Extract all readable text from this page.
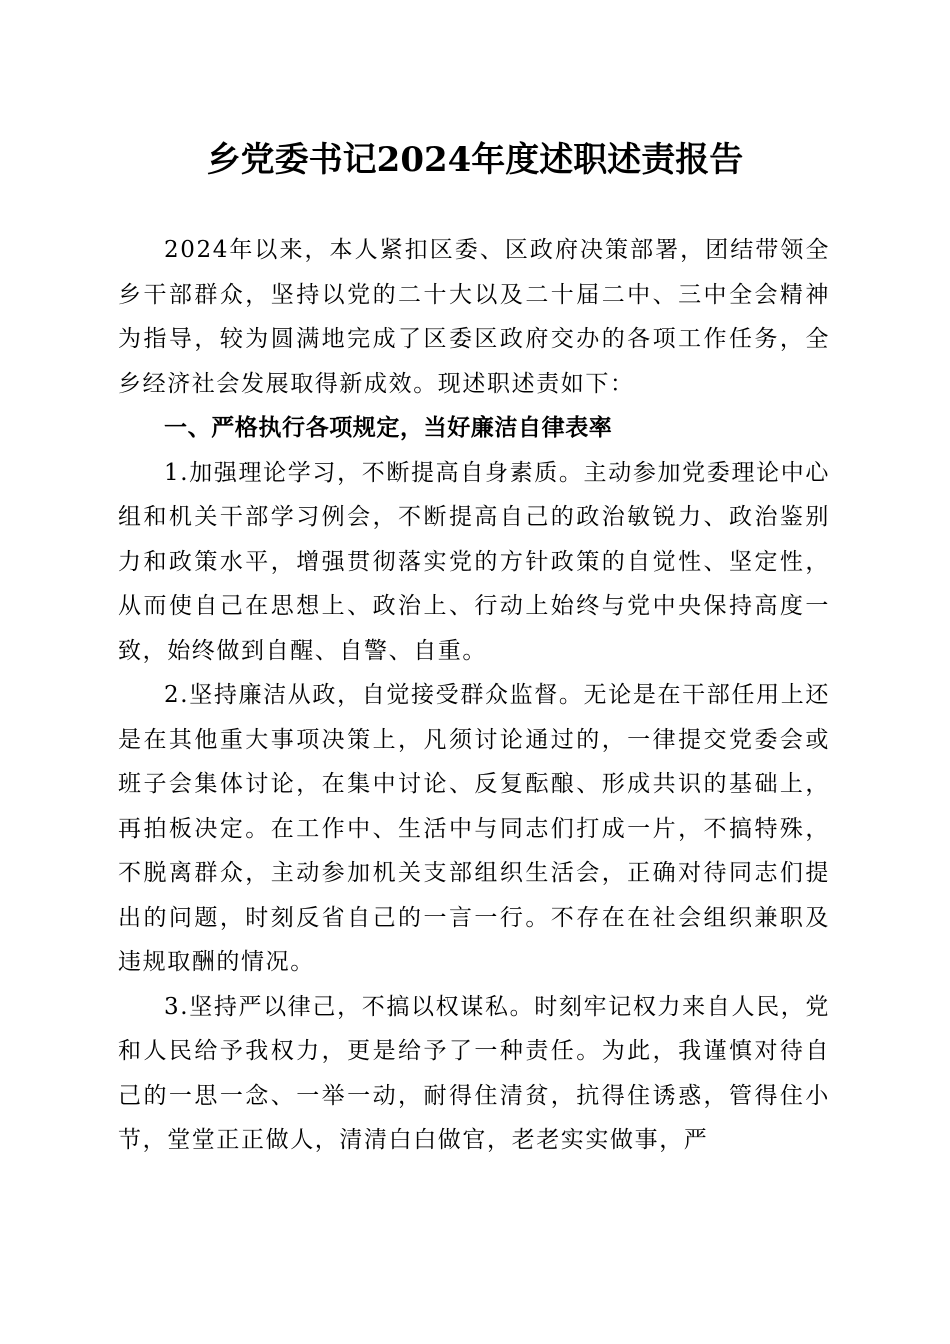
乡党委书记2024年度述职述责报告

2024年以来，本人紧扣区委、区政府决策部署，团结带领全乡干部群众，坚持以党的二十大以及二十届二中、三中全会精神为指导，较为圆满地完成了区委区政府交办的各项工作任务，全乡经济社会发展取得新成效。现述职述责如下：

一、严格执行各项规定，当好廉洁自律表率

1.加强理论学习，不断提高自身素质。主动参加党委理论中心组和机关干部学习例会，不断提高自己的政治敏锐力、政治鉴别力和政策水平，增强贯彻落实党的方针政策的自觉性、坚定性，从而使自己在思想上、政治上、行动上始终与党中央保持高度一致，始终做到自醒、自警、自重。

2.坚持廉洁从政，自觉接受群众监督。无论是在干部任用上还是在其他重大事项决策上，凡须讨论通过的，一律提交党委会或班子会集体讨论，在集中讨论、反复酝酿、形成共识的基础上，再拍板决定。在工作中、生活中与同志们打成一片，不搞特殊，不脱离群众，主动参加机关支部组织生活会，正确对待同志们提出的问题，时刻反省自己的一言一行。不存在在社会组织兼职及违规取酬的情况。

3.坚持严以律己，不搞以权谋私。时刻牢记权力来自人民，党和人民给予我权力，更是给予了一种责任。为此，我谨慎对待自己的一思一念、一举一动，耐得住清贫，抗得住诱惑，管得住小节，堂堂正正做人，清清白白做官，老老实实做事，严
